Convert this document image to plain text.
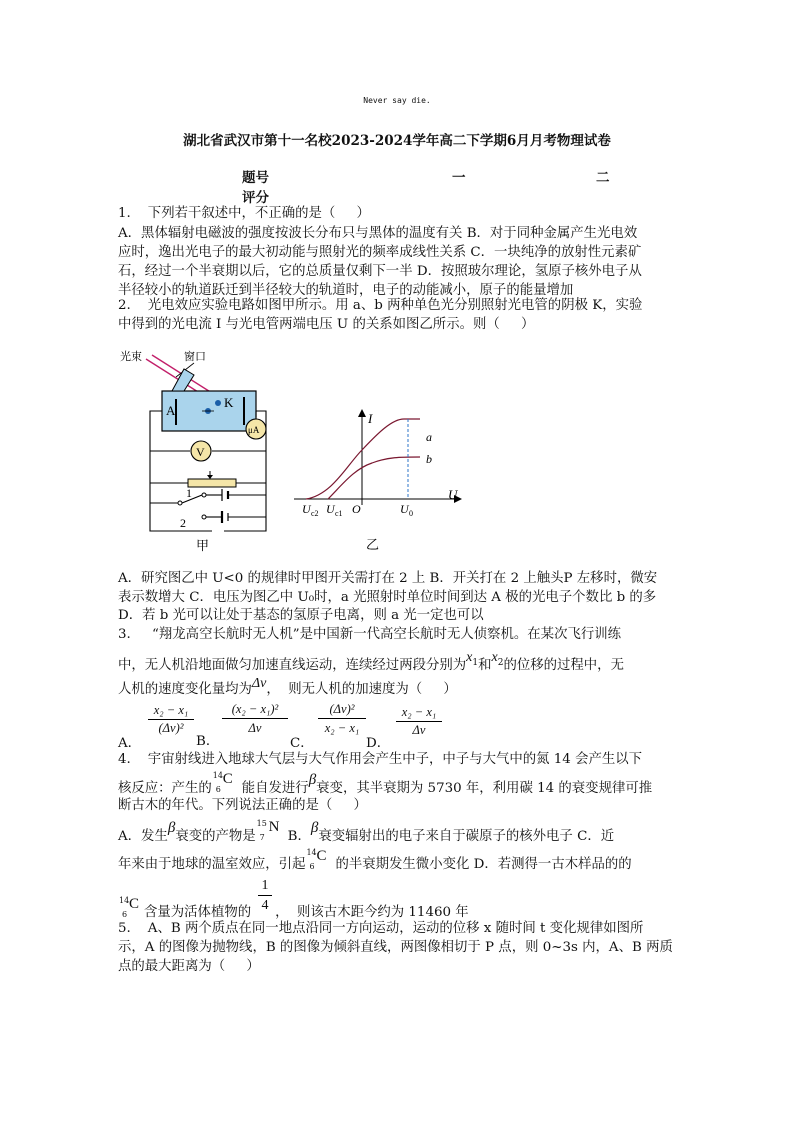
Never say die.
湖北省武汉市第十一名校2023-2024学年高二下学期6月月考物理试卷
题号	一	二
评分
1.    下列若干叙述中，不正确的是（     ）
A．黑体辐射电磁波的强度按波长分布只与黑体的温度有关 B．对于同种金属产生光电效
应时，逸出光电子的最大初动能与照射光的频率成线性关系 C．一块纯净的放射性元素矿
石，经过一个半衰期以后，它的总质量仅剩下一半 D．按照玻尔理论，氢原子核外电子从
半径较小的轨道跃迁到半径较大的轨道时，电子的动能减小，原子的能量增加
2.    光电效应实验电路如图甲所示。用 a、b 两种单色光分别照射光电管的阴极 K，实验
中得到的光电流 I 与光电管两端电压 U 的关系如图乙所示。则（     ）
光束	窗口
A
K
μA
V
1
2
甲
I
U
a
b
U c2 U c1 O	U 0
乙
A．研究图乙中 U<0 的规律时甲图开关需打在 2 上 B．开关打在 2 上触头P 左移时，微安
表示数增大 C．电压为图乙中 U₀时，a 光照射时单位时间到达 A 极的光电子个数比 b 的多
D．若 b 光可以让处于基态的氢原子电离，则 a 光一定也可以
3.     “翔龙高空长航时无人机”是中国新一代高空长航时无人侦察机。在某次飞行训练
中，无人机沿地面做匀加速直线运动，连续经过两段分别为$x^1$和$x^2$的位移的过程中，无
人机的速度变化量均为Δv，  则无人机的加速度为（     ）
A．
x₂ − x₁
(Δv)²
B．
(x₂ − x₁)²
Δv
C．
(Δv)²
x₂ − x₁
D．
x₂ − x₁
Δv
4.    宇宙射线进入地球大气层与大气作用会产生中子，中子与大气中的氮 14 会产生以下
核反应：产生的
14
6
C
能自发进行β衰变，其半衰期为 5730 年，利用碳 14 的衰变规律可推
断古木的年代。下列说法正确的是（     ）
A．发生β衰变的产物是
15
7
N
B．β衰变辐射出的电子来自于碳原子的核外电子 C．近
年来由于地球的温室效应，引起
14
6
C
的半衰期发生微小变化 D．若测得一古木样品的的
14
6
C
含量为活体植物的 ，  则该古木距今约为 11460 年
1
4
5.    A、B 两个质点在同一地点沿同一方向运动，运动的位移 x 随时间 t 变化规律如图所
示，A 的图像为抛物线，B 的图像为倾斜直线，两图像相切于 P 点，则 0~3s 内，A、B 两质
点的最大距离为（     ）
